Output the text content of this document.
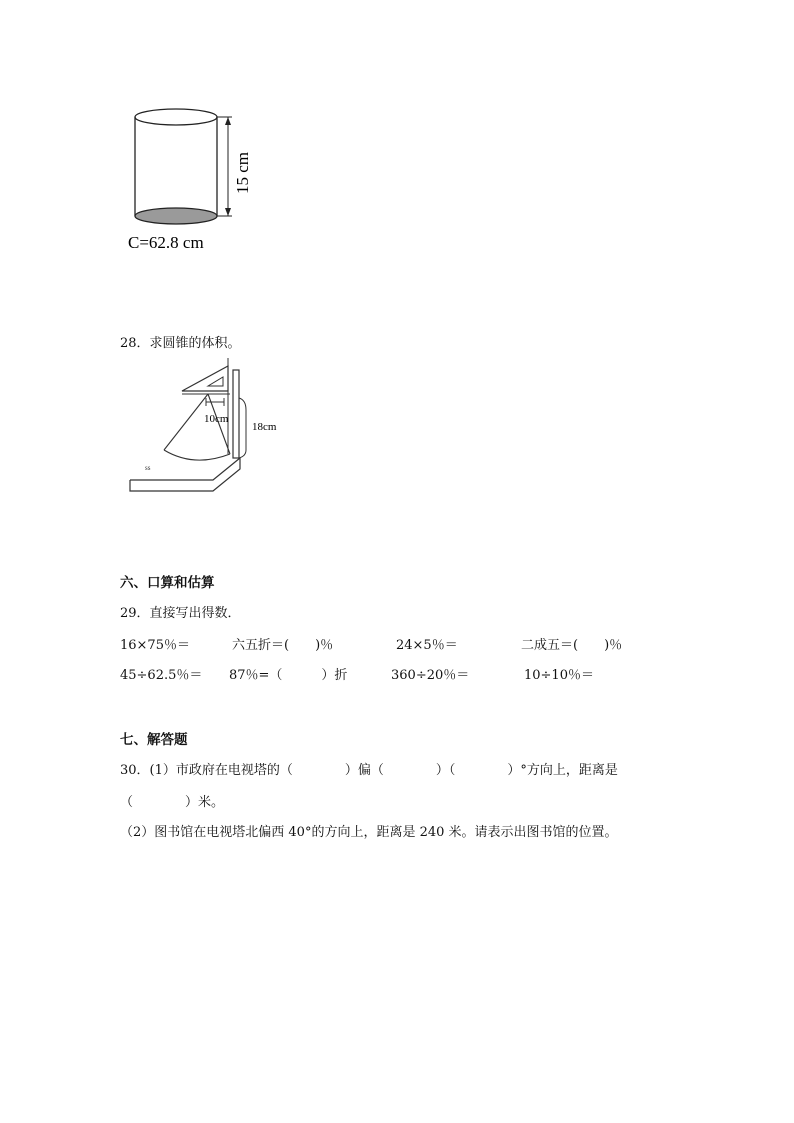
15 cm
C=62.8 cm
28．求圆锥的体积。
ss
10cm
18cm
六、口算和估算
29．直接写出得数．
16×75％＝	六五折＝(　　)％	24×5％＝	二成五＝(　　)％
45÷62.5％＝ 87％=（　　　）折	360÷20％＝	10÷10％＝
七、解答题
30．(1）市政府在电视塔的（　　　　）偏（　　　　）（　　　　）°方向上，距离是
（　　　　）米。
（2）图书馆在电视塔北偏西 40°的方向上，距离是 240 米。请表示出图书馆的位置。
